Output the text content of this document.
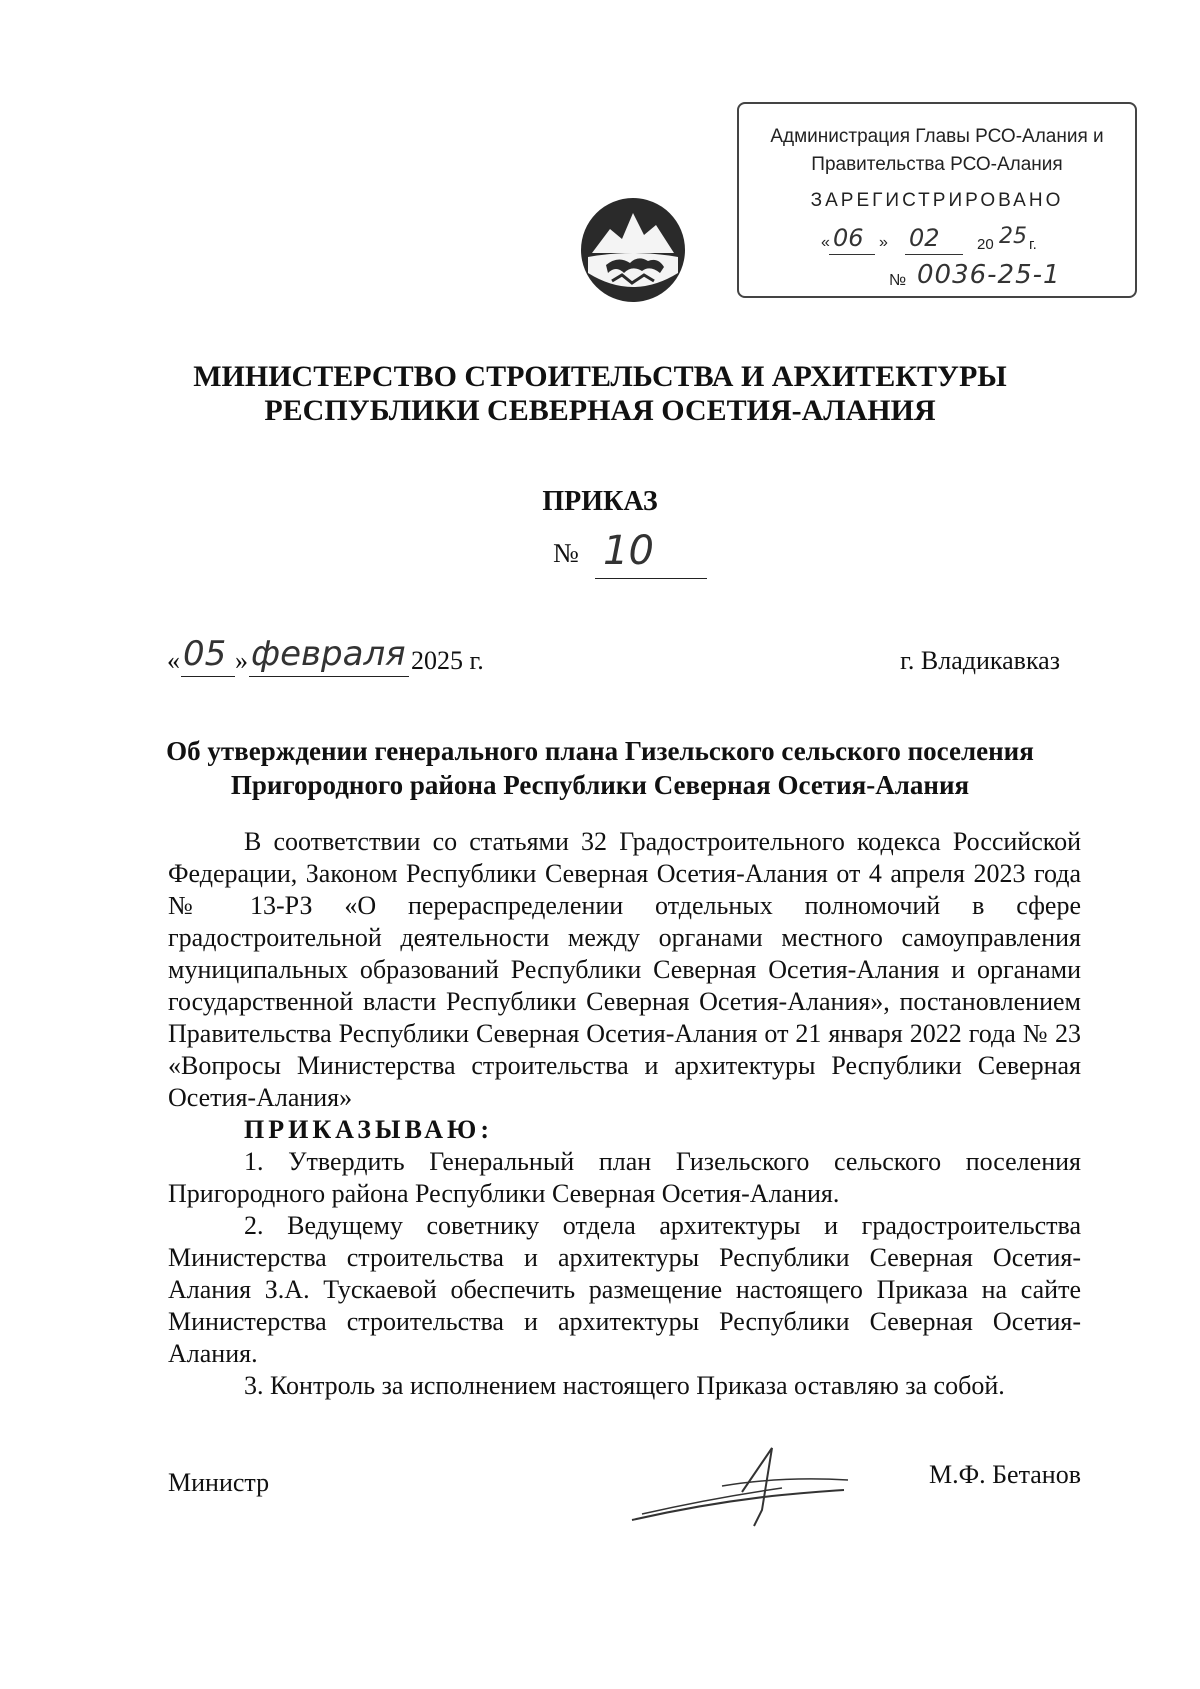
Администрация Главы РСО-Алания и
Правительства РСО-Алания
ЗАРЕГИСТРИРОВАНО
« 06 » 02 20 25 г.
№ 0036-25-1
МИНИСТЕРСТВО СТРОИТЕЛЬСТВА И АРХИТЕКТУРЫ
РЕСПУБЛИКИ СЕВЕРНАЯ ОСЕТИЯ-АЛАНИЯ
ПРИКАЗ
№ 10
« 05 » февраля 2025 г.	г. Владикавказ
Об утверждении генерального плана Гизельского сельского поселения
Пригородного района Республики Северная Осетия-Алания

В соответствии со статьями 32 Градостроительного кодекса Российской Федерации, Законом Республики Северная Осетия-Алания от 4 апреля 2023 года № 13-РЗ «О перераспределении отдельных полномочий в сфере градостроительной деятельности между органами местного самоуправления муниципальных образований Республики Северная Осетия-Алания и органами государственной власти Республики Северная Осетия-Алания», постановлением Правительства Республики Северная Осетия-Алания от 21 января 2022 года № 23 «Вопросы Министерства строительства и архитектуры Республики Северная Осетия-Алания»

ПРИКАЗЫВАЮ:

1. Утвердить Генеральный план Гизельского сельского поселения Пригородного района Республики Северная Осетия-Алания.

2. Ведущему советнику отдела архитектуры и градостроительства Министерства строительства и архитектуры Республики Северная Осетия-Алания З.А. Тускаевой обеспечить размещение настоящего Приказа на сайте Министерства строительства и архитектуры Республики Северная Осетия-Алания.

3. Контроль за исполнением настоящего Приказа оставляю за собой.

Министр	М.Ф. Бетанов
